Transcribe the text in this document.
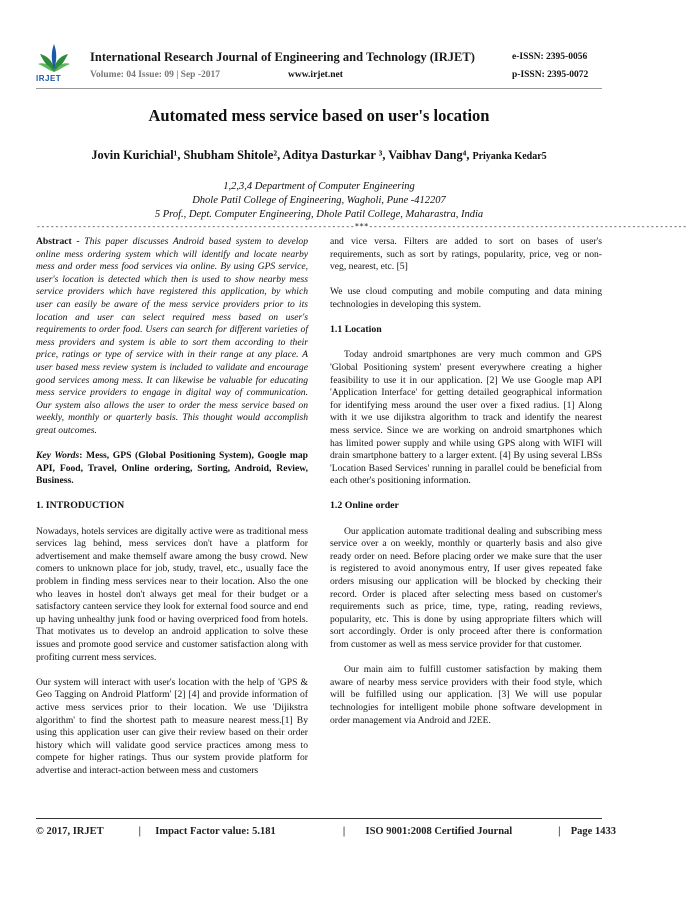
IRJET
International Research Journal of Engineering and Technology (IRJET)	e-ISSN: 2395-0056
Volume: 04 Issue: 09 | Sep -2017	www.irjet.net	p-ISSN: 2395-0072
Automated mess service based on user's location
Jovin Kurichial¹, Shubham Shitole², Aditya Dasturkar ³, Vaibhav Dang⁴, Priyanka Kedar5
1,2,3,4 Department of Computer Engineering
Dhole Patil College of Engineering, Wagholi, Pune -412207
5 Prof., Dept. Computer Engineering, Dhole Patil College, Maharastra, India
---------------------------------------------------------------------***---------------------------------------------------------------------

Abstract - This paper discusses Android based system to develop online mess ordering system which will identify and locate nearby mess and order mess food services via online. By using GPS service, user's location is detected which then is used to show nearby mess service providers which have registered this application, by which user can easily be aware of the mess service providers prior to its location and user can select required mess based on user's requirements to order food. Users can search for different varieties of mess providers and system is able to sort them according to their price, ratings or type of service with in their range at any place. A user based mess review system is included to validate and encourage good services among mess. It can likewise be valuable for educating mess service providers to engage in digital way of communication. Our system also allows the user to order the mess service based on weekly, monthly or quarterly basis. This thought would accomplish great outcomes.

Key Words: Mess, GPS (Global Positioning System), Google map API, Food, Travel, Online ordering, Sorting, Android, Review, Business.

1. INTRODUCTION

Nowadays, hotels services are digitally active were as traditional mess services lag behind, mess services don't have a platform for advertisement and make themself aware among the busy crowd. New comers to unknown place for job, study, travel, etc., usually face the problem in finding mess services near to their location. Also the one who leaves in hostel don't always get meal for their budget or a satisfactory canteen service they look for external food source and end up having unhealthy junk food or having overpriced food from hotels. That motivates us to develop an android application to solve these issues and promote good service and customer satisfaction along with profiting current mess services.

Our system will interact with user's location with the help of 'GPS & Geo Tagging on Android Platform' [2] [4] and provide information of active mess services prior to their location. We use 'Dijikstra algorithm' to find the shortest path to measure nearest mess.[1] By using this application user can give their review based on their order history which will validate good service practices among mess to compete for higher ratings. Thus our system provide platform for advertise and interact-action between mess and customers

and vice versa. Filters are added to sort on bases of user's requirements, such as sort by ratings, popularity, price, veg or non-veg, nearest, etc. [5]

We use cloud computing and mobile computing and data mining technologies in developing this system.

1.1 Location

Today android smartphones are very much common and GPS 'Global Positioning system' present everywhere creating a higher feasibility to use it in our application. [2] We use Google map API 'Application Interface' for getting detailed geographical information for identifying mess around the user over a fixed radius. [1] Along with it we use dijikstra algorithm to track and identify the nearest mess service. Since we are working on android smartphones which has limited power supply and while using GPS along with WIFI will drain smartphone battery to a larger extent. [4] By using several LBSs 'Location Based Services' running in parallel could be beneficial from each other's positioning information.

1.2 Online order

Our application automate traditional dealing and subscribing mess service over a on weekly, monthly or quarterly basis and also give ready order on need. Before placing order we make sure that the user is registered to avoid anonymous entry, If user gives repeated fake orders misusing our application will be blocked by checking their record. Order is placed after selecting mess based on customer's requirements such as price, time, type, rating, reading reviews, popularity, etc. This is done by using appropriate filters which will sort accordingly. Order is only proceed after there is conformation from customer as well as mess service provider for that customer.

Our main aim to fulfill customer satisfaction by making them aware of nearby mess service providers with their food style, which will be fulfilled using our application. [3] We will use popular technologies for intelligent mobile phone software development in order management via Android and J2EE.

© 2017, IRJET	| Impact Factor value: 5.181	| ISO 9001:2008 Certified Journal	| Page 1433
